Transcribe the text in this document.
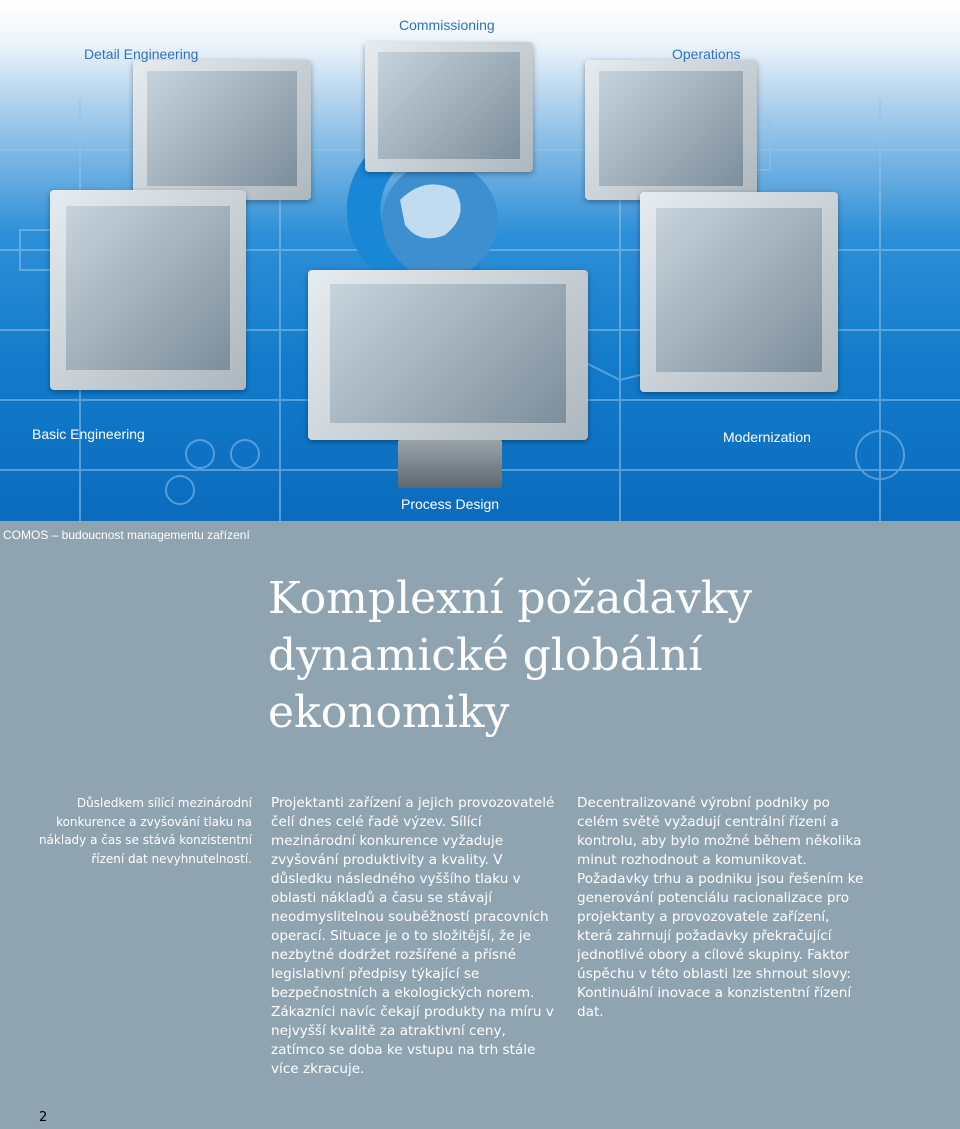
Commissioning
Detail Engineering	Operations
Basic Engineering	Modernization
Process Design
COMOS – budoucnost managementu zařízení
Komplexní požadavky
dynamické globální
ekonomiky
Důsledkem sílící mezinárodní konkurence a zvyšování tlaku na náklady a čas se stává konzistentní řízení dat nevyhnutelností.

Projektanti zařízení a jejich provozovatelé čelí dnes celé řadě výzev. Sílící mezinárodní konkurence vyžaduje zvyšování produktivity a kvality. V důsledku následného vyššího tlaku v oblasti nákladů a času se stávají neodmyslitelnou souběžností pracovních operací. Situace je o to složitější, že je nezbytné dodržet rozšířené a přísné legislativní předpisy týkající se bezpečnostních a ekologických norem. Zákazníci navíc čekají produkty na míru v nejvyšší kvalitě za atraktivní ceny, zatímco se doba ke vstupu na trh stále více zkracuje.

Decentralizované výrobní podniky po celém světě vyžadují centrální řízení a kontrolu, aby bylo možné během několika minut rozhodnout a komunikovat. Požadavky trhu a podniku jsou řešením ke generování potenciálu racionalizace pro projektanty a provozovatele zařízení, která zahrnují požadavky překračující jednotlivé obory a cílové skupiny. Faktor úspěchu v této oblasti lze shrnout slovy: Kontinuální inovace a konzistentní řízení dat.

2
